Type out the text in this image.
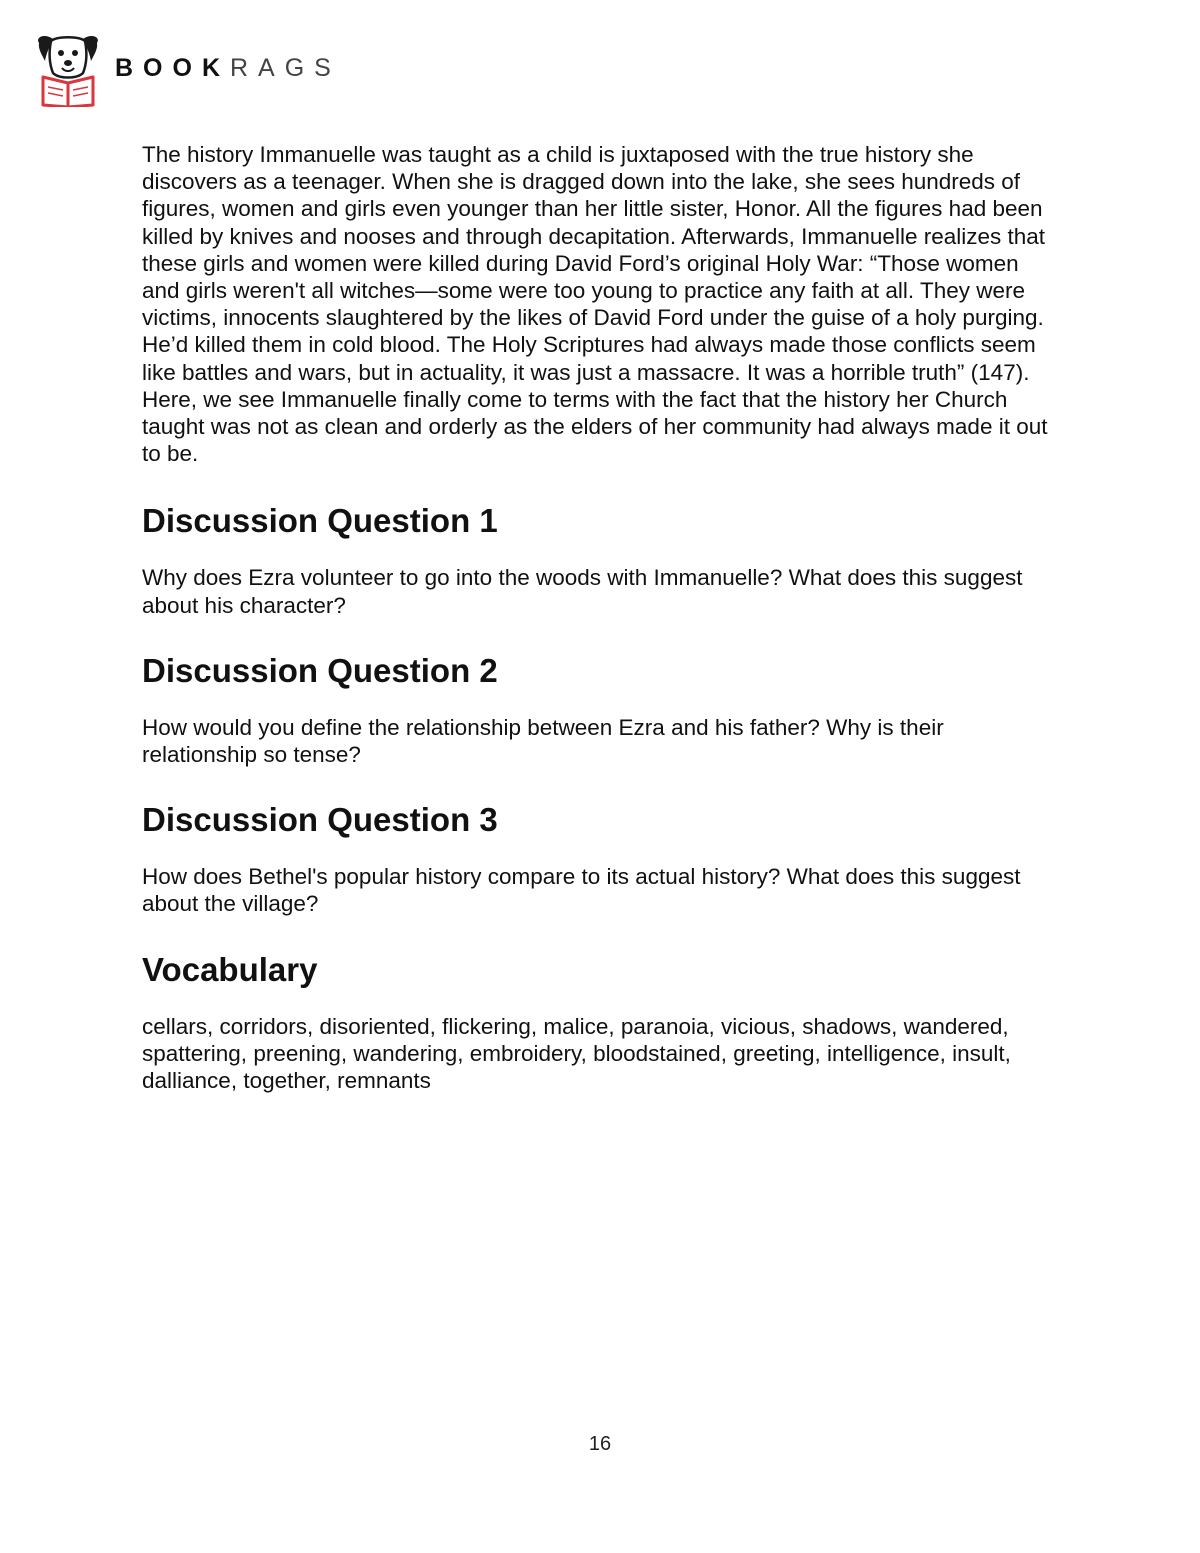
BOOKRAGS

The history Immanuelle was taught as a child is juxtaposed with the true history she discovers as a teenager. When she is dragged down into the lake, she sees hundreds of figures, women and girls even younger than her little sister, Honor. All the figures had been killed by knives and nooses and through decapitation. Afterwards, Immanuelle realizes that these girls and women were killed during David Ford’s original Holy War: “Those women and girls weren't all witches—some were too young to practice any faith at all. They were victims, innocents slaughtered by the likes of David Ford under the guise of a holy purging. He’d killed them in cold blood. The Holy Scriptures had always made those conflicts seem like battles and wars, but in actuality, it was just a massacre. It was a horrible truth” (147). Here, we see Immanuelle finally come to terms with the fact that the history her Church taught was not as clean and orderly as the elders of her community had always made it out to be.

Discussion Question 1

Why does Ezra volunteer to go into the woods with Immanuelle? What does this suggest about his character?

Discussion Question 2

How would you define the relationship between Ezra and his father? Why is their relationship so tense?

Discussion Question 3

How does Bethel's popular history compare to its actual history? What does this suggest about the village?

Vocabulary

cellars, corridors, disoriented, flickering, malice, paranoia, vicious, shadows, wandered, spattering, preening, wandering, embroidery, bloodstained, greeting, intelligence, insult, dalliance, together, remnants

16
